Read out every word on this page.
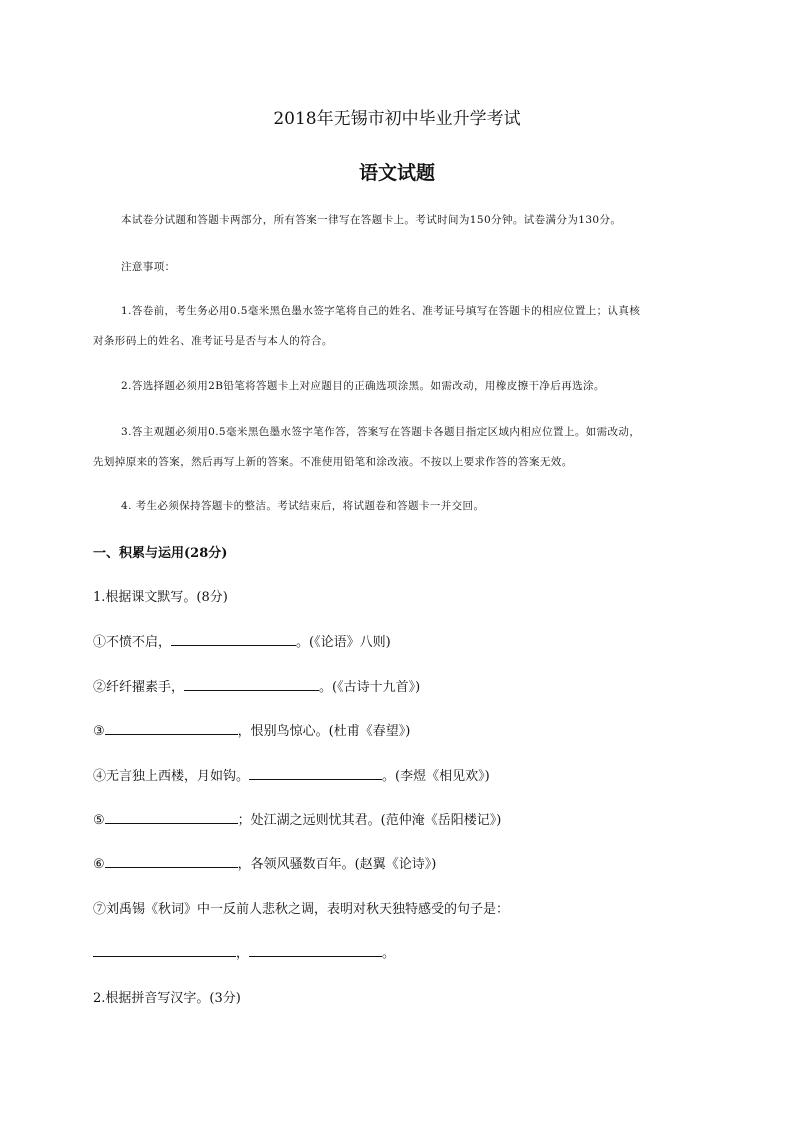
2018年无锡市初中毕业升学考试
语文试题
本试卷分试题和答题卡两部分，所有答案一律写在答题卡上。考试时间为150分钟。试卷满分为130分。
注意事项：
1.答卷前，考生务必用0.5毫米黑色墨水签字笔将自己的姓名、准考证号填写在答题卡的相应位置上；认真核
对条形码上的姓名、准考证号是否与本人的符合。
2.答选择题必须用2B铅笔将答题卡上对应题目的正确选项涂黑。如需改动，用橡皮擦干净后再选涂。
3.答主观题必须用0.5毫米黑色墨水签字笔作答，答案写在答题卡各题目指定区域内相应位置上。如需改动，
先划掉原来的答案，然后再写上新的答案。不准使用铅笔和涂改液。不按以上要求作答的答案无效。
4. 考生必须保持答题卡的整洁。考试结束后，将试题卷和答题卡一并交回。
一、积累与运用(28分)
1.根据课文默写。(8分)
①不愤不启，	。(《论语》八则)
②纤纤擢素手，	。(《古诗十九首》)
③	，恨别鸟惊心。(杜甫《春望》)
④无言独上西楼，月如钩。	。(李煜《相见欢》)
⑤	；处江湖之远则忧其君。(范仲淹《岳阳楼记》)
⑥	，各领风骚数百年。(赵翼《论诗》)
⑦刘禹锡《秋词》中一反前人悲秋之调，表明对秋天独特感受的句子是：
，	。
2.根据拼音写汉字。(3分)
